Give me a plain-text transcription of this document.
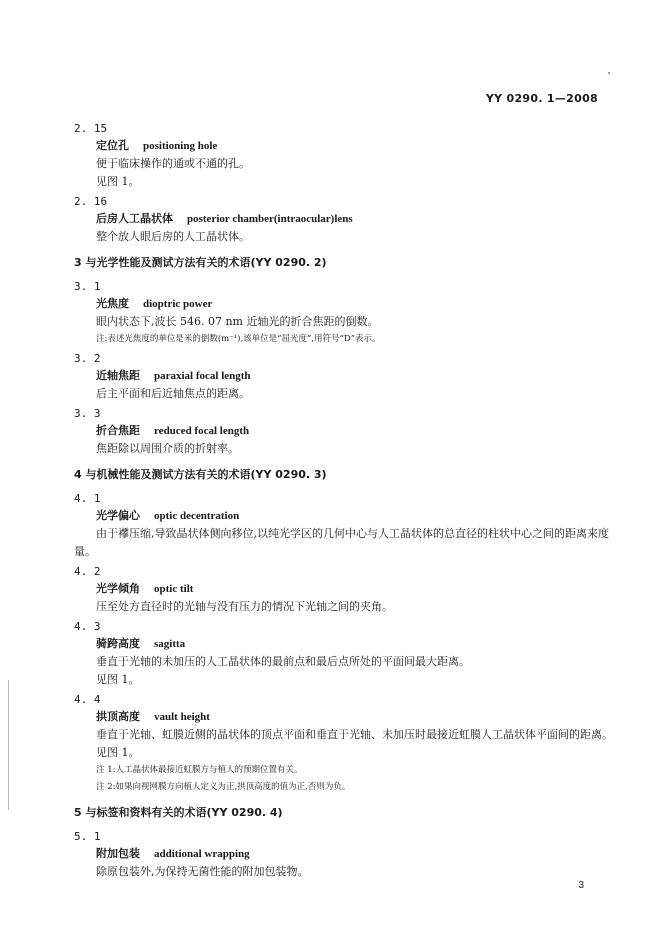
YY 0290. 1—2008
2. 15
定位孔 positioning hole
便于临床操作的通或不通的孔。
见图 1。
2. 16
后房人工晶状体 posterior chamber(intraocular)lens
整个放人眼后房的人工晶状体。
3 与光学性能及测试方法有关的术语(YY 0290. 2)
3. 1
光焦度 dioptric power
眼内状态下,波长 546. 07 nm 近轴光的折合焦距的倒数。
注:表述光焦度的单位是米的倒数(m⁻¹),该单位是“屈光度”,用符号“D”表示。
3. 2
近轴焦距 paraxial focal length
后主平面和后近轴焦点的距离。
3. 3
折合焦距 reduced focal length
焦距除以周围介质的折射率。
4 与机械性能及测试方法有关的术语(YY 0290. 3)
4. 1
光学偏心 optic decentration
由于襻压缩,导致晶状体侧向移位,以纯光学区的几何中心与人工晶状体的总直径的柱状中心之间的距离来度量。
4. 2
光学倾角 optic tilt
压至处方直径时的光轴与没有压力的情况下光轴之间的夹角。
4. 3
骑跨高度 sagitta
垂直于光轴的未加压的人工晶状体的最前点和最后点所处的平面间最大距离。
见图 1。
4. 4
拱顶高度 vault height
垂直于光轴、虹膜近侧的晶状体的顶点平面和垂直于光轴、未加压时最接近虹膜人工晶状体平面间的距离。
见图 1。
注 1:人工晶状体最接近虹膜方与植人的预期位置有关。
注 2:如果向视网膜方向植人定义为正,拱顶高度的值为正,否则为负。
5 与标签和资料有关的术语(YY 0290. 4)
5. 1
附加包装 additional wrapping
除原包装外,为保持无菌性能的附加包装物。
3
